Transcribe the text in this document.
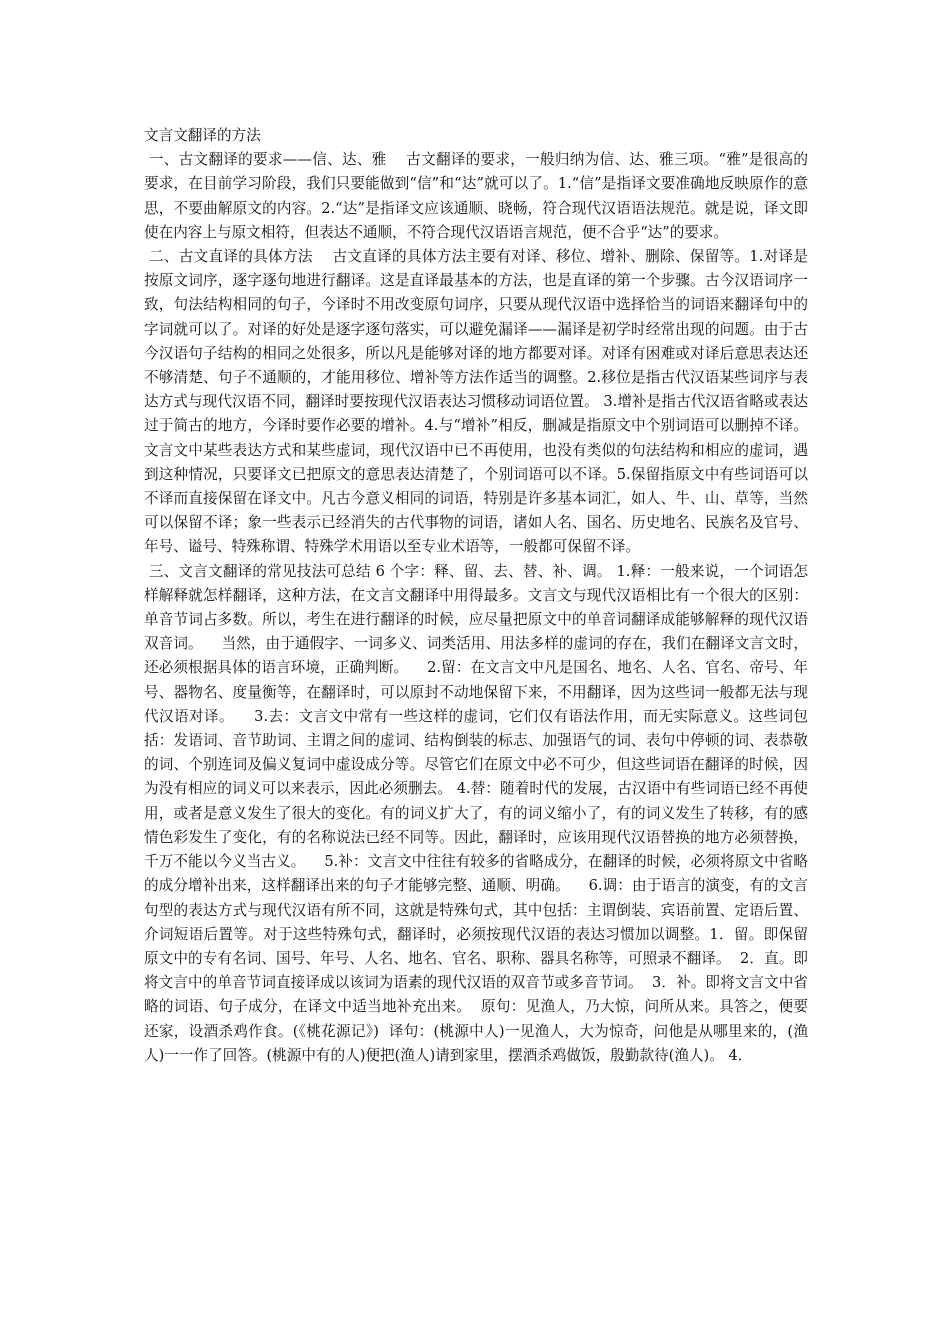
文言文翻译的方法

一、古文翻译的要求——信、达、雅    古文翻译的要求，一般归纳为信、达、雅三项。“雅”是很高的要求，在目前学习阶段，我们只要能做到“信”和“达”就可以了。1.“信”是指译文要准确地反映原作的意思，不要曲解原文的内容。2.“达”是指译文应该通顺、晓畅，符合现代汉语语法规范。就是说，译文即使在内容上与原文相符，但表达不通顺，不符合现代汉语语言规范，便不合乎“达”的要求。

二、古文直译的具体方法    古文直译的具体方法主要有对译、移位、增补、删除、保留等。1.对译是按原文词序，逐字逐句地进行翻译。这是直译最基本的方法，也是直译的第一个步骤。古今汉语词序一致，句法结构相同的句子，今译时不用改变原句词序，只要从现代汉语中选择恰当的词语来翻译句中的字词就可以了。对译的好处是逐字逐句落实，可以避免漏译——漏译是初学时经常出现的问题。由于古今汉语句子结构的相同之处很多，所以凡是能够对译的地方都要对译。对译有困难或对译后意思表达还不够清楚、句子不通顺的，才能用移位、增补等方法作适当的调整。2.移位是指古代汉语某些词序与表达方式与现代汉语不同，翻译时要按现代汉语表达习惯移动词语位置。 3.增补是指古代汉语省略或表达过于简古的地方，今译时要作必要的增补。4.与“增补”相反，删减是指原文中个别词语可以删掉不译。文言文中某些表达方式和某些虚词，现代汉语中已不再使用，也没有类似的句法结构和相应的虚词，遇到这种情况，只要译文已把原文的意思表达清楚了，个别词语可以不译。5.保留指原文中有些词语可以不译而直接保留在译文中。凡古今意义相同的词语，特别是许多基本词汇，如人、牛、山、草等，当然可以保留不译；象一些表示已经消失的古代事物的词语，诸如人名、国名、历史地名、民族名及官号、年号、谥号、特殊称谓、特殊学术用语以至专业术语等，一般都可保留不译。

三、文言文翻译的常见技法可总结 6 个字：释、留、去、替、补、调。 1.释：一般来说，一个词语怎样解释就怎样翻译，这种方法，在文言文翻译中用得最多。文言文与现代汉语相比有一个很大的区别：单音节词占多数。所以，考生在进行翻译的时候，应尽量把原文中的单音词翻译成能够解释的现代汉语双音词。    当然，由于通假字、一词多义、词类活用、用法多样的虚词的存在，我们在翻译文言文时，还必须根据具体的语言环境，正确判断。    2.留：在文言文中凡是国名、地名、人名、官名、帝号、年号、器物名、度量衡等，在翻译时，可以原封不动地保留下来，不用翻译，因为这些词一般都无法与现代汉语对译。    3.去：文言文中常有一些这样的虚词，它们仅有语法作用，而无实际意义。这些词包括：发语词、音节助词、主谓之间的虚词、结构倒装的标志、加强语气的词、表句中停顿的词、表恭敬的词、个别连词及偏义复词中虚设成分等。尽管它们在原文中必不可少，但这些词语在翻译的时候，因为没有相应的词义可以来表示，因此必须删去。 4.替：随着时代的发展，古汉语中有些词语已经不再使用，或者是意义发生了很大的变化。有的词义扩大了，有的词义缩小了，有的词义发生了转移，有的感情色彩发生了变化，有的名称说法已经不同等。因此，翻译时，应该用现代汉语替换的地方必须替换，千万不能以今义当古义。    5.补：文言文中往往有较多的省略成分，在翻译的时候，必须将原文中省略的成分增补出来，这样翻译出来的句子才能够完整、通顺、明确。    6.调：由于语言的演变，有的文言句型的表达方式与现代汉语有所不同，这就是特殊句式，其中包括：主谓倒装、宾语前置、定语后置、介词短语后置等。对于这些特殊句式，翻译时，必须按现代汉语的表达习惯加以调整。1．留。即保留原文中的专有名词、国号、年号、人名、地名、官名、职称、器具名称等，可照录不翻译。  2．直。即将文言中的单音节词直接译成以该词为语素的现代汉语的双音节或多音节词。  3．补。即将文言文中省略的词语、句子成分，在译文中适当地补充出来。  原句：见渔人，乃大惊，问所从来。具答之，便要还家，设酒杀鸡作食。(《桃花源记》)  译句：(桃源中人)一见渔人，大为惊奇，问他是从哪里来的，(渔人)一一作了回答。(桃源中有的人)便把(渔人)请到家里，摆酒杀鸡做饭，殷勤款待(渔人)。 4．
